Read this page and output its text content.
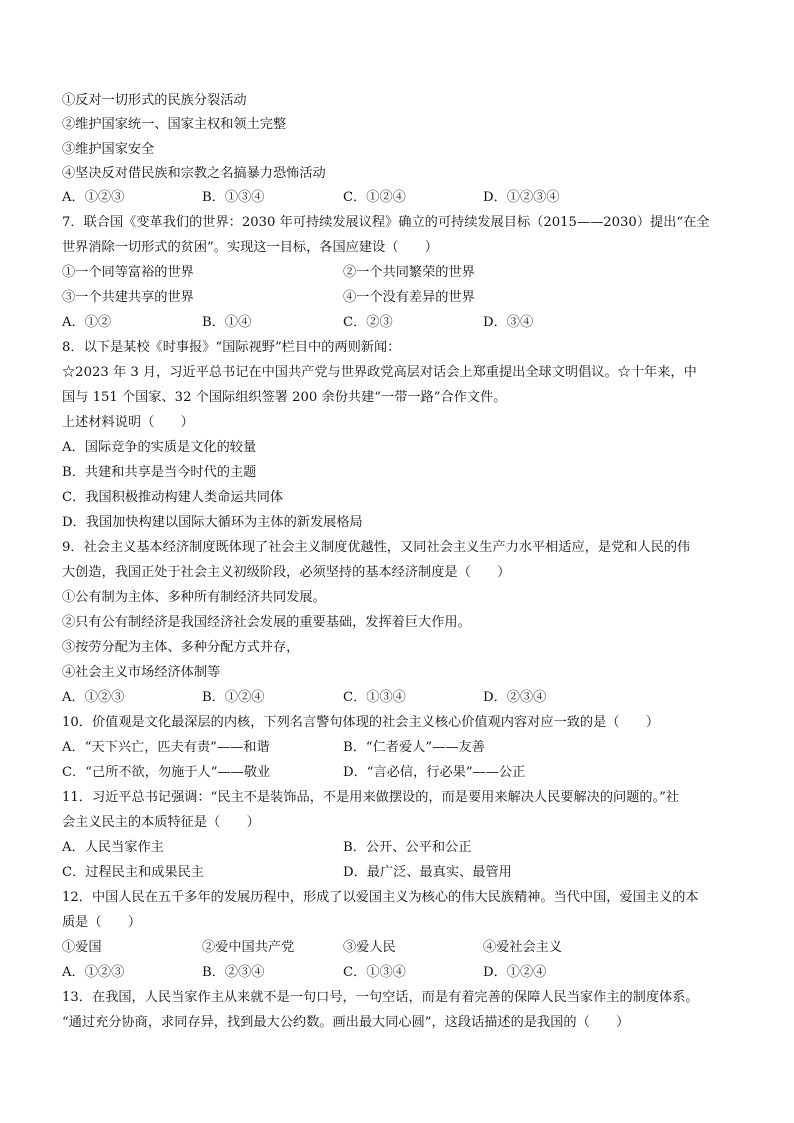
①反对一切形式的民族分裂活动
②维护国家统一、国家主权和领土完整
③维护国家安全
④坚决反对借民族和宗教之名搞暴力恐怖活动
A．①②③	B．①③④	C．①②④	D．①②③④
7．联合国《变革我们的世界：2030 年可持续发展议程》确立的可持续发展目标（2015——2030）提出“在全
世界消除一切形式的贫困”。实现这一目标，各国应建设（　　）
①一个同等富裕的世界	②一个共同繁荣的世界
③一个共建共享的世界	④一个没有差异的世界
A．①②	B．①④	C．②③	D．③④
8．以下是某校《时事报》“国际视野”栏目中的两则新闻：
☆2023 年 3 月，习近平总书记在中国共产党与世界政党高层对话会上郑重提出全球文明倡议。☆十年来，中
国与 151 个国家、32 个国际组织签署 200 余份共建“一带一路”合作文件。
上述材料说明（　　）
A．国际竞争的实质是文化的较量
B．共建和共享是当今时代的主题
C．我国积极推动构建人类命运共同体
D．我国加快构建以国际大循环为主体的新发展格局
9．社会主义基本经济制度既体现了社会主义制度优越性，又同社会主义生产力水平相适应，是党和人民的伟
大创造，我国正处于社会主义初级阶段，必须坚持的基本经济制度是（　　）
①公有制为主体、多种所有制经济共同发展。
②只有公有制经济是我国经济社会发展的重要基础，发挥着巨大作用。
③按劳分配为主体、多种分配方式并存，
④社会主义市场经济体制等
A．①②③	B．①②④	C．①③④	D．②③④
10．价值观是文化最深层的内核，下列名言警句体现的社会主义核心价值观内容对应一致的是（　　）
A．“天下兴亡，匹夫有责”——和谐	B．“仁者爱人”——友善
C．“己所不欲，勿施于人”——敬业	D．“言必信，行必果”——公正
11．习近平总书记强调：“民主不是装饰品，不是用来做摆设的，而是要用来解决人民要解决的问题的。”社
会主义民主的本质特征是（　　）
A．人民当家作主	B．公开、公平和公正
C．过程民主和成果民主	D．最广泛、最真实、最管用
12．中国人民在五千多年的发展历程中，形成了以爱国主义为核心的伟大民族精神。当代中国，爱国主义的本
质是（　　）
①爱国	②爱中国共产党	③爱人民	④爱社会主义
A．①②③	B．②③④	C．①③④	D．①②④
13．在我国，人民当家作主从来就不是一句口号，一句空话，而是有着完善的保障人民当家作主的制度体系。
“通过充分协商，求同存异，找到最大公约数。画出最大同心圆”，这段话描述的是我国的（　　）
